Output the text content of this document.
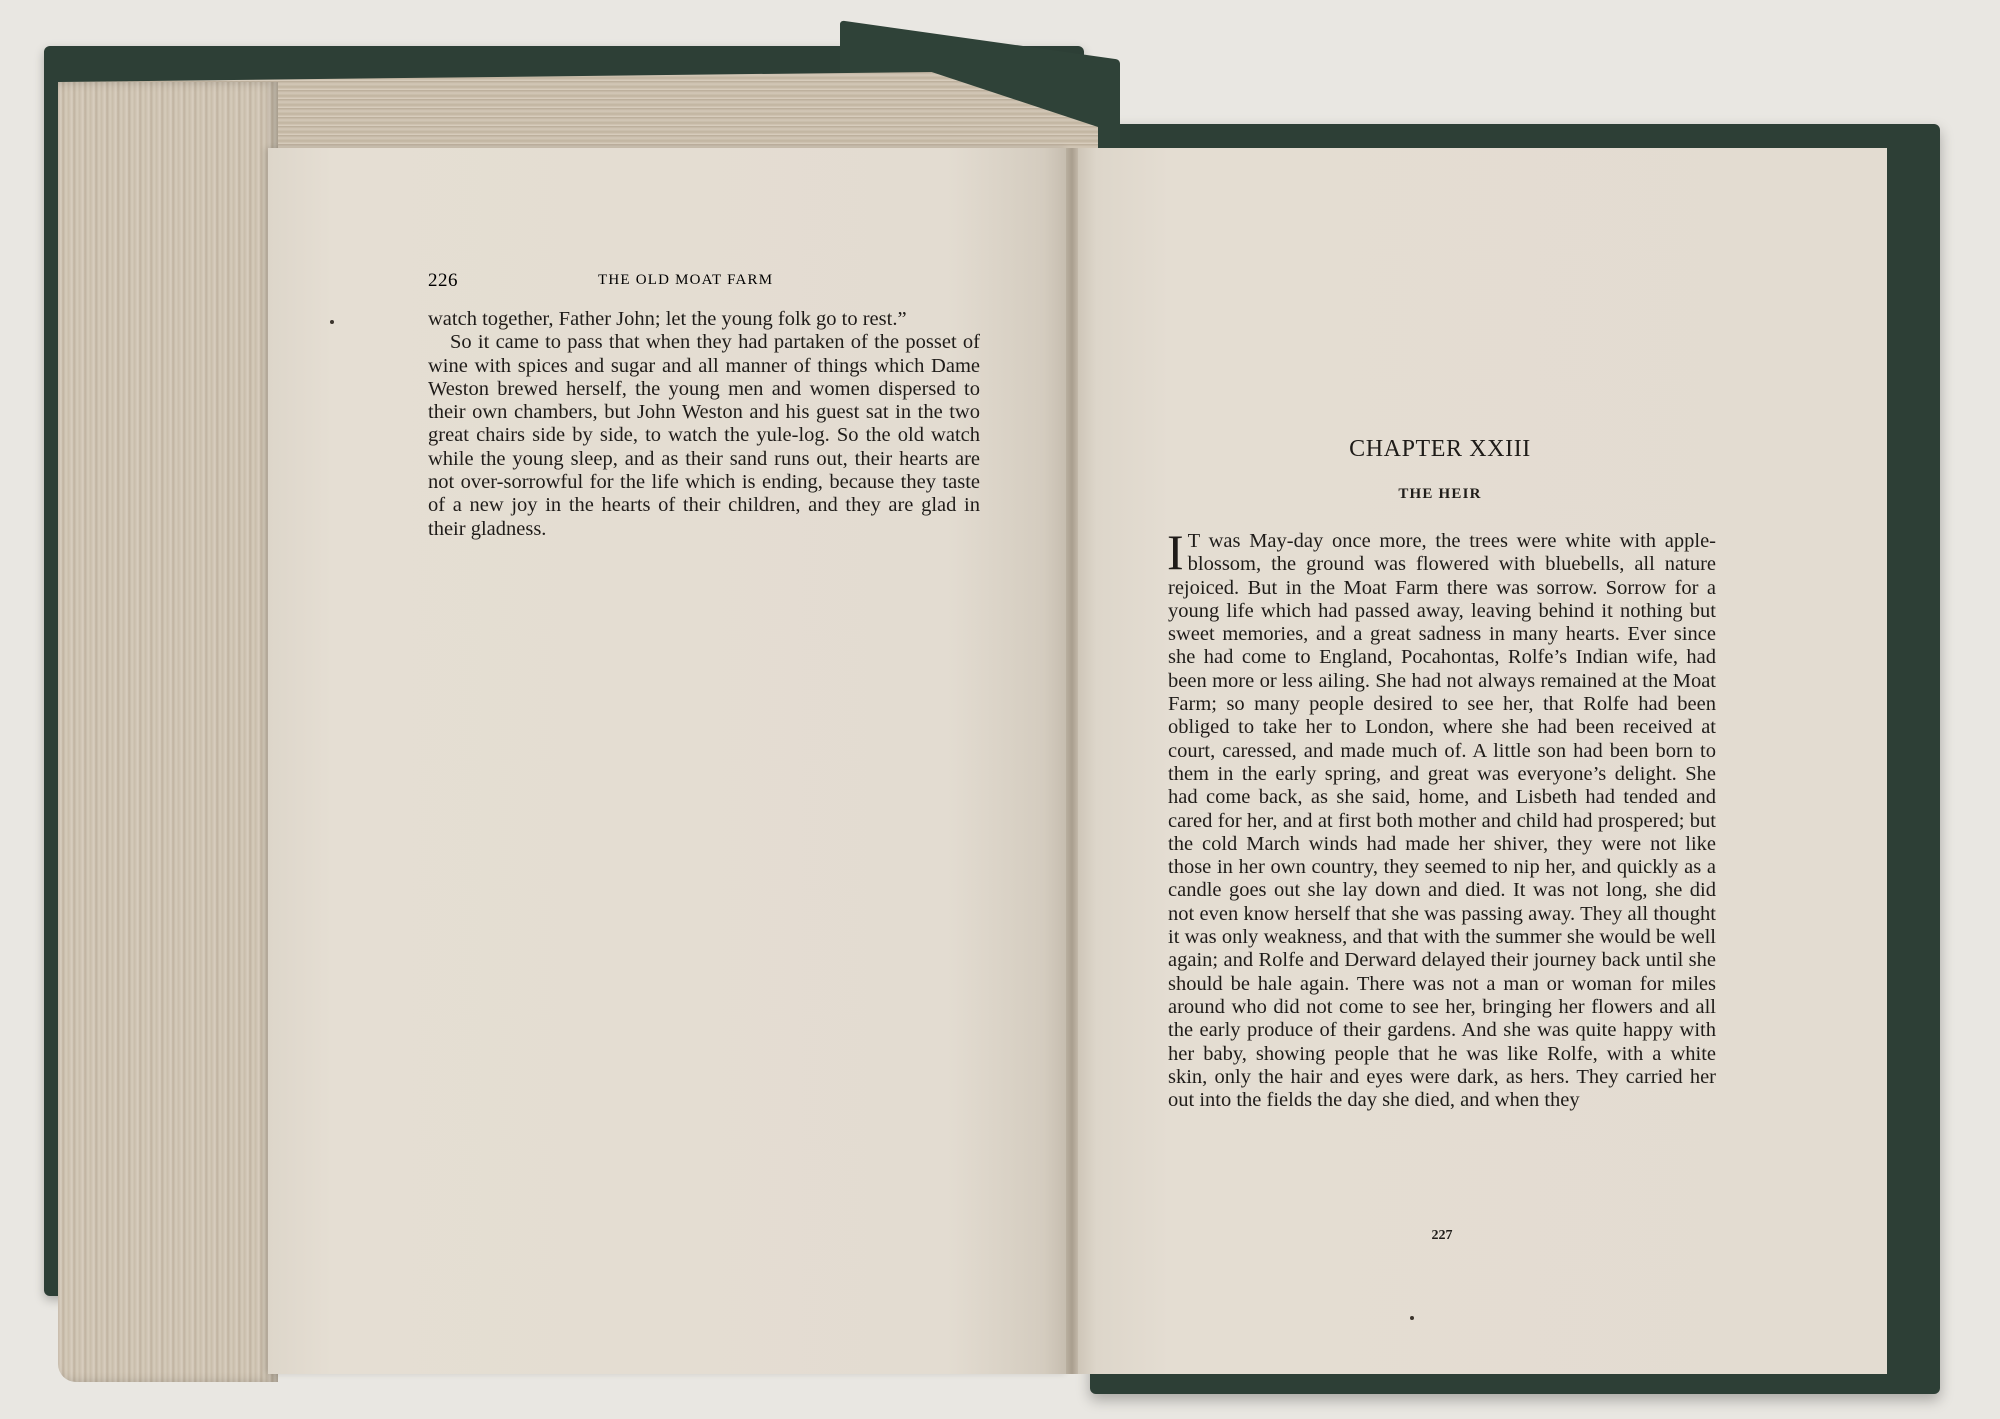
226	THE OLD MOAT FARM

watch together, Father John; let the young folk go to rest.”

So it came to pass that when they had partaken of the posset of wine with spices and sugar and all manner of things which Dame Weston brewed herself, the young men and women dispersed to their own chambers, but John Weston and his guest sat in the two great chairs side by side, to watch the yule-log. So the old watch while the young sleep, and as their sand runs out, their hearts are not over-sorrowful for the life which is ending, because they taste of a new joy in the hearts of their children, and they are glad in their gladness.

CHAPTER XXIII
THE HEIR

I T was May-day once more, the trees were white with apple-blossom, the ground was flowered with bluebells, all nature rejoiced. But in the Moat Farm there was sorrow. Sorrow for a young life which had passed away, leaving behind it nothing but sweet memories, and a great sadness in many hearts. Ever since she had come to England, Pocahontas, Rolfe’s Indian wife, had been more or less ailing. She had not always remained at the Moat Farm; so many people desired to see her, that Rolfe had been obliged to take her to London, where she had been received at court, caressed, and made much of. A little son had been born to them in the early spring, and great was everyone’s delight. She had come back, as she said, home, and Lisbeth had tended and cared for her, and at first both mother and child had prospered; but the cold March winds had made her shiver, they were not like those in her own country, they seemed to nip her, and quickly as a candle goes out she lay down and died. It was not long, she did not even know herself that she was passing away. They all thought it was only weakness, and that with the summer she would be well again; and Rolfe and Derward delayed their journey back until she should be hale again. There was not a man or woman for miles around who did not come to see her, bringing her flowers and all the early produce of their gardens. And she was quite happy with her baby, showing people that he was like Rolfe, with a white skin, only the hair and eyes were dark, as hers. They carried her out into the fields the day she died, and when they

227
